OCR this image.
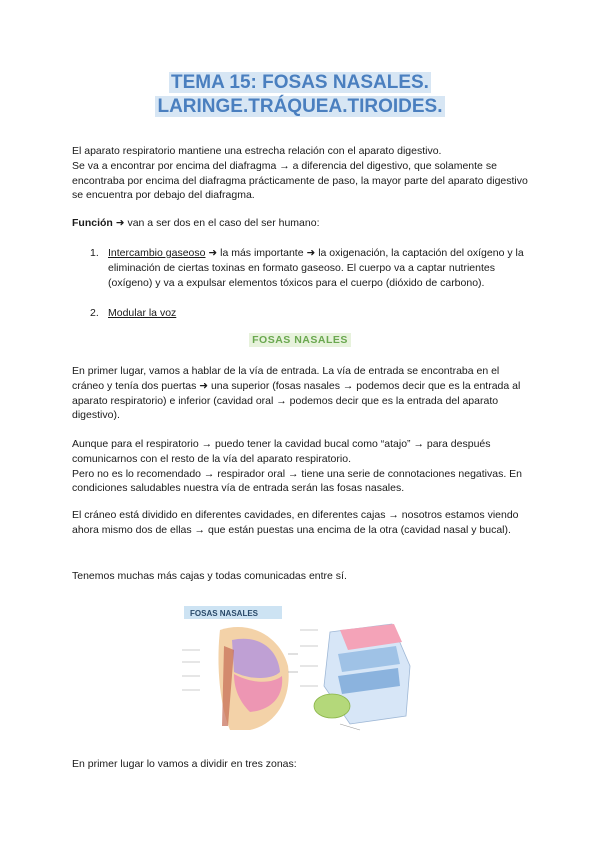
TEMA 15: FOSAS NASALES.
LARINGE.TRÁQUEA.TIROIDES.

El aparato respiratorio mantiene una estrecha relación con el aparato digestivo.

Se va a encontrar por encima del diafragma → a diferencia del digestivo, que solamente se encontraba por encima del diafragma prácticamente de paso, la mayor parte del aparato digestivo se encuentra por debajo del diafragma.

Función ➜ van a ser dos en el caso del ser humano:

1. Intercambio gaseoso ➜ la más importante ➜ la oxigenación, la captación del oxígeno y la eliminación de ciertas toxinas en formato gaseoso. El cuerpo va a captar nutrientes (oxígeno) y va a expulsar elementos tóxicos para el cuerpo (dióxido de carbono).

2. Modular la voz

FOSAS NASALES

En primer lugar, vamos a hablar de la vía de entrada. La vía de entrada se encontraba en el cráneo y tenía dos puertas ➜ una superior (fosas nasales → podemos decir que es la entrada al aparato respiratorio) e inferior (cavidad oral → podemos decir que es la entrada del aparato digestivo).

Aunque para el respiratorio → puedo tener la cavidad bucal como “atajo” → para después comunicarnos con el resto de la vía del aparato respiratorio.

Pero no es lo recomendado → respirador oral → tiene una serie de connotaciones negativas. En condiciones saludables nuestra vía de entrada serán las fosas nasales.

El cráneo está dividido en diferentes cavidades, en diferentes cajas → nosotros estamos viendo ahora mismo dos de ellas → que están puestas una encima de la otra (cavidad nasal y bucal).

Tenemos muchas más cajas y todas comunicadas entre sí.

FOSAS NASALES

En primer lugar lo vamos a dividir en tres zonas:
